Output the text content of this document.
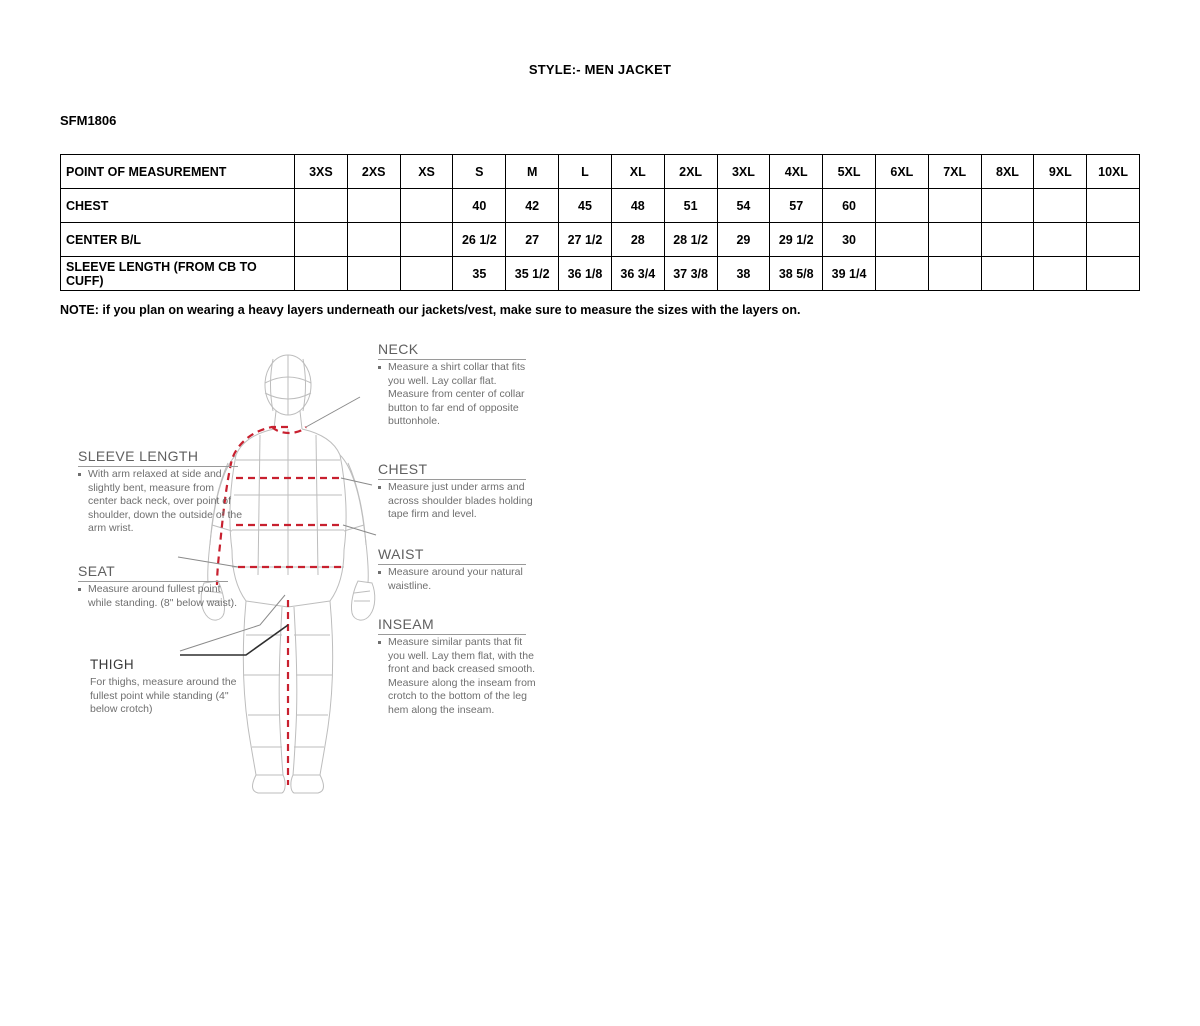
STYLE:- MEN JACKET
SFM1806
POINT OF MEASUREMENT	3XS	2XS	XS	S	M	L	XL	2XL	3XL	4XL	5XL	6XL	7XL	8XL	9XL	10XL
CHEST				40	42	45	48	51	54	57	60					
CENTER B/L				26 1/2	27	27 1/2	28	28 1/2	29	29 1/2	30					
SLEEVE LENGTH (FROM CB TO CUFF)				35	35 1/2	36 1/8	36 3/4	37 3/8	38	38 5/8	39 1/4					
NOTE: if you plan on wearing a heavy layers underneath our jackets/vest, make sure to measure the sizes with the layers on.
NECK
Measure a shirt collar that fits you well. Lay collar flat. Measure from center of collar button to far end of opposite buttonhole.
SLEEVE LENGTH
With arm relaxed at side and slightly bent, measure from center back neck, over point of shoulder, down the outside of the arm wrist.
CHEST
Measure just under arms and across shoulder blades holding tape firm and level.
WAIST
Measure around your natural waistline.
SEAT
Measure around fullest point while standing. (8" below waist).
INSEAM
Measure similar pants that fit you well. Lay them flat, with the front and back creased smooth. Measure along the inseam from crotch to the bottom of the leg hem along the inseam.
THIGH
For thighs, measure around the fullest point while standing (4" below crotch)
